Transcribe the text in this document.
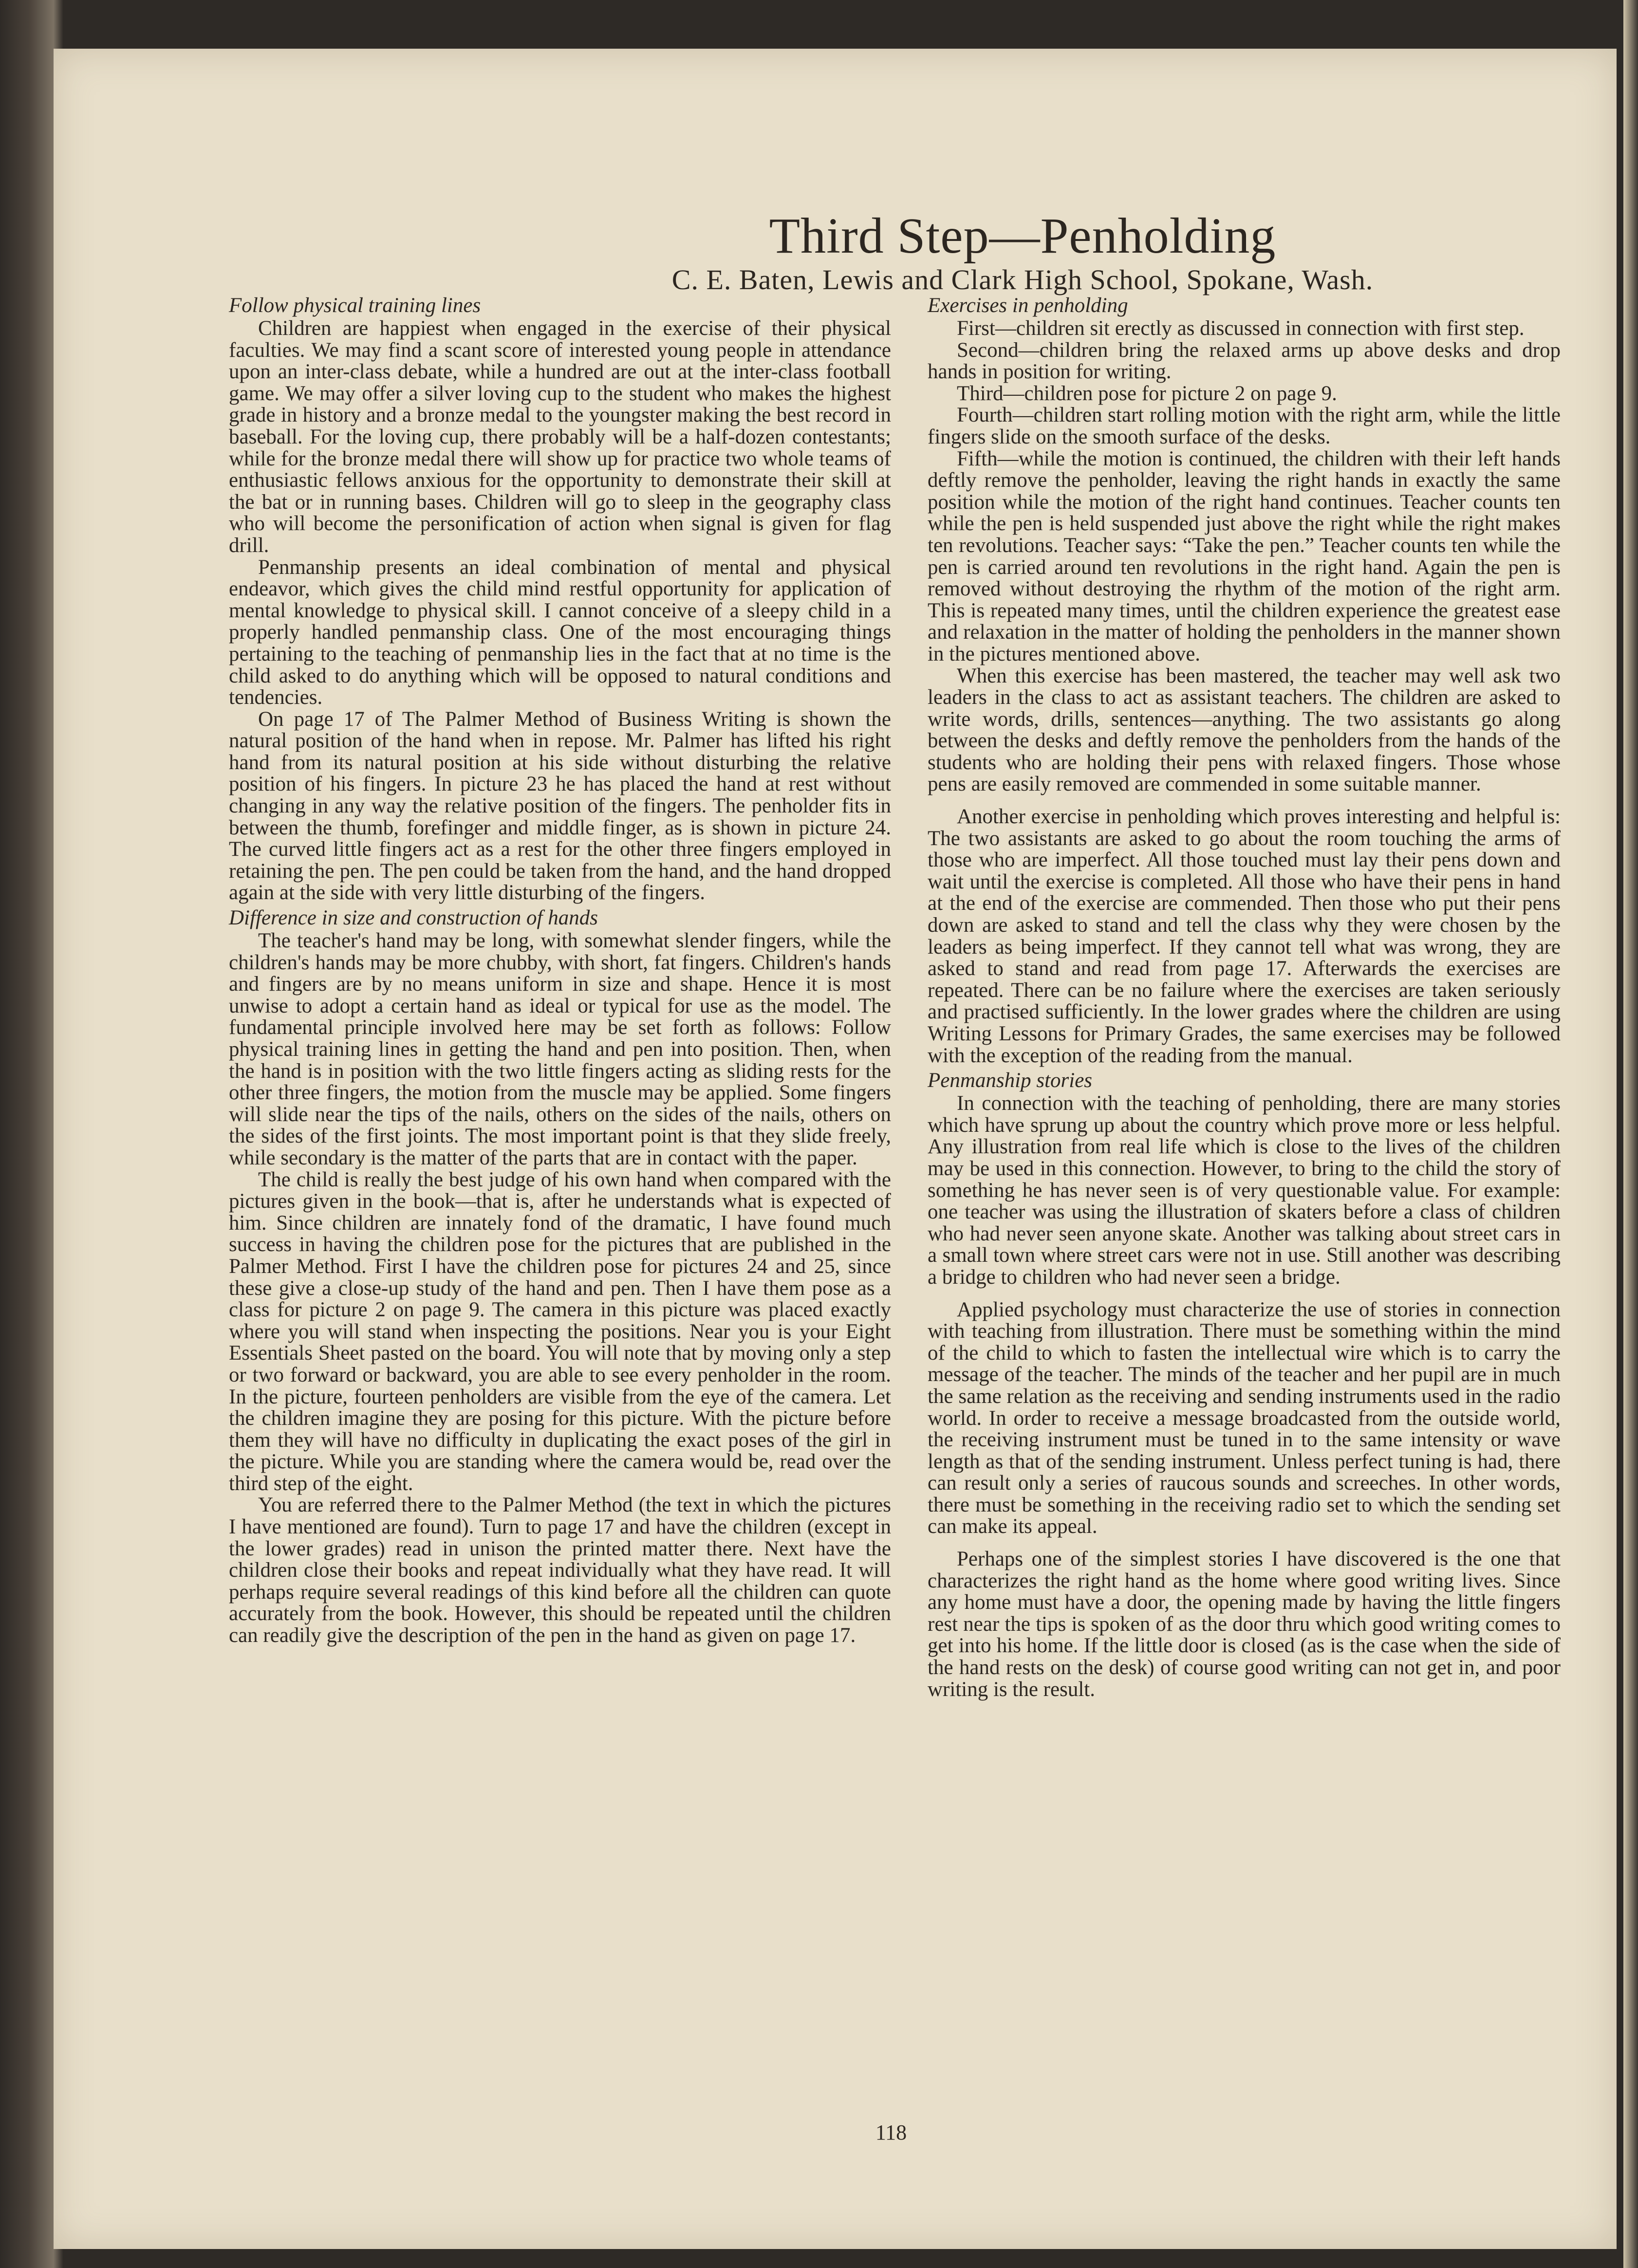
Third Step—Penholding
C. E. Baten, Lewis and Clark High School, Spokane, Wash.
Follow physical training lines

Children are happiest when engaged in the exercise of their physical faculties. We may find a scant score of interested young people in attendance upon an inter-class debate, while a hundred are out at the inter-class football game. We may offer a silver loving cup to the student who makes the highest grade in history and a bronze medal to the youngster making the best record in baseball. For the loving cup, there probably will be a half-dozen contestants; while for the bronze medal there will show up for practice two whole teams of enthusiastic fellows anxious for the opportunity to demonstrate their skill at the bat or in running bases. Children will go to sleep in the geography class who will become the personification of action when signal is given for flag drill.

Penmanship presents an ideal combination of mental and physical endeavor, which gives the child mind restful opportunity for application of mental knowledge to physical skill. I cannot conceive of a sleepy child in a properly handled penmanship class. One of the most encouraging things pertaining to the teaching of penmanship lies in the fact that at no time is the child asked to do anything which will be opposed to natural conditions and tendencies.

On page 17 of The Palmer Method of Business Writing is shown the natural position of the hand when in repose. Mr. Palmer has lifted his right hand from its natural position at his side without disturbing the relative position of his fingers. In picture 23 he has placed the hand at rest without changing in any way the relative position of the fingers. The penholder fits in between the thumb, forefinger and middle finger, as is shown in picture 24. The curved little fingers act as a rest for the other three fingers employed in retaining the pen. The pen could be taken from the hand, and the hand dropped again at the side with very little disturbing of the fingers.

Difference in size and construction of hands

The teacher's hand may be long, with somewhat slender fingers, while the children's hands may be more chubby, with short, fat fingers. Children's hands and fingers are by no means uniform in size and shape. Hence it is most unwise to adopt a certain hand as ideal or typical for use as the model. The fundamental principle involved here may be set forth as follows: Follow physical training lines in getting the hand and pen into position. Then, when the hand is in position with the two little fingers acting as sliding rests for the other three fingers, the motion from the muscle may be applied. Some fingers will slide near the tips of the nails, others on the sides of the nails, others on the sides of the first joints. The most important point is that they slide freely, while secondary is the matter of the parts that are in contact with the paper.

The child is really the best judge of his own hand when compared with the pictures given in the book—that is, after he understands what is expected of him. Since children are innately fond of the dramatic, I have found much success in having the children pose for the pictures that are published in the Palmer Method. First I have the children pose for pictures 24 and 25, since these give a close-up study of the hand and pen. Then I have them pose as a class for picture 2 on page 9. The camera in this picture was placed exactly where you will stand when inspecting the positions. Near you is your Eight Essentials Sheet pasted on the board. You will note that by moving only a step or two forward or backward, you are able to see every penholder in the room. In the picture, fourteen penholders are visible from the eye of the camera. Let the children imagine they are posing for this picture. With the picture before them they will have no difficulty in duplicating the exact poses of the girl in the picture. While you are standing where the camera would be, read over the third step of the eight.

You are referred there to the Palmer Method (the text in which the pictures I have mentioned are found). Turn to page 17 and have the children (except in the lower grades) read in unison the printed matter there. Next have the children close their books and repeat individually what they have read. It will perhaps require several readings of this kind before all the children can quote accurately from the book. However, this should be repeated until the children can readily give the description of the pen in the hand as given on page 17.

Exercises in penholding

First—children sit erectly as discussed in connection with first step.

Second—children bring the relaxed arms up above desks and drop hands in position for writing.

Third—children pose for picture 2 on page 9.

Fourth—children start rolling motion with the right arm, while the little fingers slide on the smooth surface of the desks.

Fifth—while the motion is continued, the children with their left hands deftly remove the penholder, leaving the right hands in exactly the same position while the motion of the right hand continues. Teacher counts ten while the pen is held suspended just above the right while the right makes ten revolutions. Teacher says: “Take the pen.” Teacher counts ten while the pen is carried around ten revolutions in the right hand. Again the pen is removed without destroying the rhythm of the motion of the right arm. This is repeated many times, until the children experience the greatest ease and relaxation in the matter of holding the penholders in the manner shown in the pictures mentioned above.

When this exercise has been mastered, the teacher may well ask two leaders in the class to act as assistant teachers. The children are asked to write words, drills, sentences—anything. The two assistants go along between the desks and deftly remove the penholders from the hands of the students who are holding their pens with relaxed fingers. Those whose pens are easily removed are commended in some suitable manner.

Another exercise in penholding which proves interesting and helpful is: The two assistants are asked to go about the room touching the arms of those who are imperfect. All those touched must lay their pens down and wait until the exercise is completed. All those who have their pens in hand at the end of the exercise are commended. Then those who put their pens down are asked to stand and tell the class why they were chosen by the leaders as being imperfect. If they cannot tell what was wrong, they are asked to stand and read from page 17. Afterwards the exercises are repeated. There can be no failure where the exercises are taken seriously and practised sufficiently. In the lower grades where the children are using Writing Lessons for Primary Grades, the same exercises may be followed with the exception of the reading from the manual.

Penmanship stories

In connection with the teaching of penholding, there are many stories which have sprung up about the country which prove more or less helpful. Any illustration from real life which is close to the lives of the children may be used in this connection. However, to bring to the child the story of something he has never seen is of very questionable value. For example: one teacher was using the illustration of skaters before a class of children who had never seen anyone skate. Another was talking about street cars in a small town where street cars were not in use. Still another was describing a bridge to children who had never seen a bridge.

Applied psychology must characterize the use of stories in connection with teaching from illustration. There must be something within the mind of the child to which to fasten the intellectual wire which is to carry the message of the teacher. The minds of the teacher and her pupil are in much the same relation as the receiving and sending instruments used in the radio world. In order to receive a message broadcasted from the outside world, the receiving instrument must be tuned in to the same intensity or wave length as that of the sending instrument. Unless perfect tuning is had, there can result only a series of raucous sounds and screeches. In other words, there must be something in the receiving radio set to which the sending set can make its appeal.

Perhaps one of the simplest stories I have discovered is the one that characterizes the right hand as the home where good writing lives. Since any home must have a door, the opening made by having the little fingers rest near the tips is spoken of as the door thru which good writing comes to get into his home. If the little door is closed (as is the case when the side of the hand rests on the desk) of course good writing can not get in, and poor writing is the result.

118
